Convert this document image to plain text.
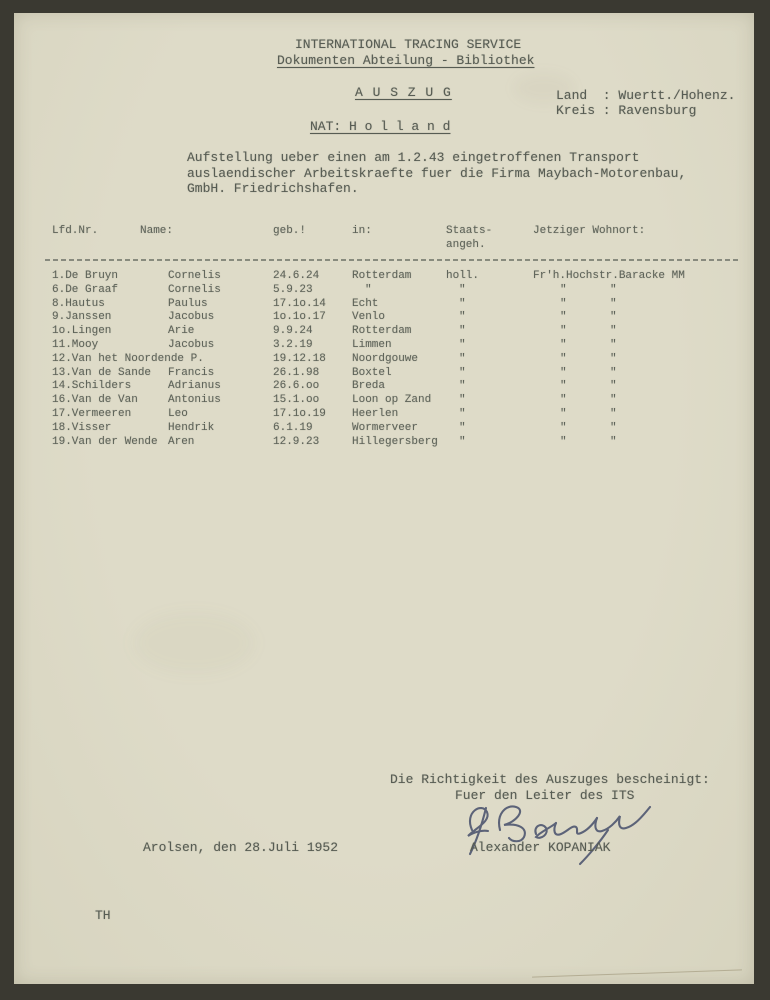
INTERNATIONAL TRACING SERVICE
Dokumenten Abteilung - Bibliothek
A U S Z U G	Land  : Wuertt./Hohenz.
Kreis : Ravensburg
NAT: H o l l a n d
Aufstellung ueber einen am 1.2.43 eingetroffenen Transport
auslaendischer Arbeitskraefte fuer die Firma Maybach-Motorenbau,
GmbH. Friedrichshafen.
Lfd.Nr.	Name:	geb.!	in:	Staats-
angeh.
Jetziger Wohnort:
1.De Bruyn	Cornelis	24.6.24	Rotterdam	holl.	Fr'h.Hochstr.Baracke MM
6.De Graaf	Cornelis	5.9.23	"	"	"	"
8.Hautus	Paulus	17.1o.14 Echt	"	"	"
9.Janssen	Jacobus	1o.1o.17 Venlo	"	"	"
1o.Lingen	Arie	9.9.24	Rotterdam	"	"	"
11.Mooy	Jacobus	3.2.19	Limmen	"	"	"
12.Van het Noordende P.	19.12.18 Noordgouwe	"	"	"
13.Van de Sande Francis	26.1.98	Boxtel	"	"	"
14.Schilders	Adrianus	26.6.oo	Breda	"	"	"
16.Van de Van	Antonius	15.1.oo	Loon op Zand	"	"	"
17.Vermeeren	Leo	17.1o.19 Heerlen	"	"	"
18.Visser	Hendrik	6.1.19	Wormerveer	"	"	"
19.Van der Wende Aren	12.9.23	Hillegersberg "	"	"
Die Richtigkeit des Auszuges bescheinigt:
Fuer den Leiter des ITS
Alexander KOPANIAK
Arolsen, den 28.Juli 1952
TH
